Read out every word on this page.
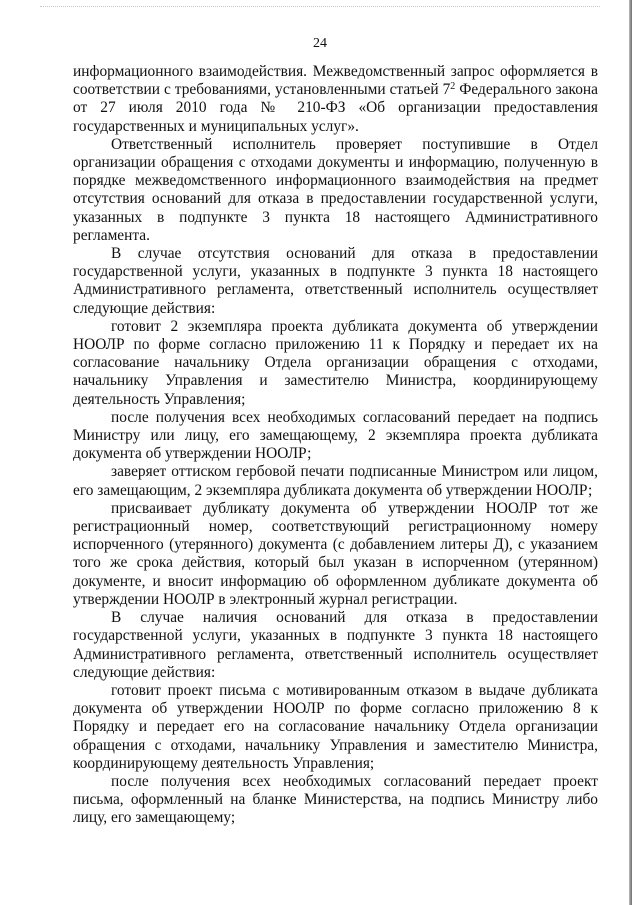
24

информационного взаимодействия. Межведомственный запрос оформляется в соответствии с требованиями, установленными статьей $7^2$ Федерального закона от 27 июля 2010 года № 210-ФЗ «Об организации предоставления государственных и муниципальных услуг».

Ответственный исполнитель проверяет поступившие в Отдел организации обращения с отходами документы и информацию, полученную в порядке межведомственного информационного взаимодействия на предмет отсутствия оснований для отказа в предоставлении государственной услуги, указанных в подпункте 3 пункта 18 настоящего Административного регламента.

В случае отсутствия оснований для отказа в предоставлении государственной услуги, указанных в подпункте 3 пункта 18 настоящего Административного регламента, ответственный исполнитель осуществляет следующие действия:

готовит 2 экземпляра проекта дубликата документа об утверждении НООЛР по форме согласно приложению 11 к Порядку и передает их на согласование начальнику Отдела организации обращения с отходами, начальнику Управления и заместителю Министра, координирующему деятельность Управления;

после получения всех необходимых согласований передает на подпись Министру или лицу, его замещающему, 2 экземпляра проекта дубликата документа об утверждении НООЛР;

заверяет оттиском гербовой печати подписанные Министром или лицом, его замещающим, 2 экземпляра дубликата документа об утверждении НООЛР;

присваивает дубликату документа об утверждении НООЛР тот же регистрационный номер, соответствующий регистрационному номеру испорченного (утерянного) документа (с добавлением литеры Д), с указанием того же срока действия, который был указан в испорченном (утерянном) документе, и вносит информацию об оформленном дубликате документа об утверждении НООЛР в электронный журнал регистрации.

В случае наличия оснований для отказа в предоставлении государственной услуги, указанных в подпункте 3 пункта 18 настоящего Административного регламента, ответственный исполнитель осуществляет следующие действия:

готовит проект письма с мотивированным отказом в выдаче дубликата документа об утверждении НООЛР по форме согласно приложению 8 к Порядку и передает его на согласование начальнику Отдела организации обращения с отходами, начальнику Управления и заместителю Министра, координирующему деятельность Управления;

после получения всех необходимых согласований передает проект письма, оформленный на бланке Министерства, на подпись Министру либо лицу, его замещающему;
